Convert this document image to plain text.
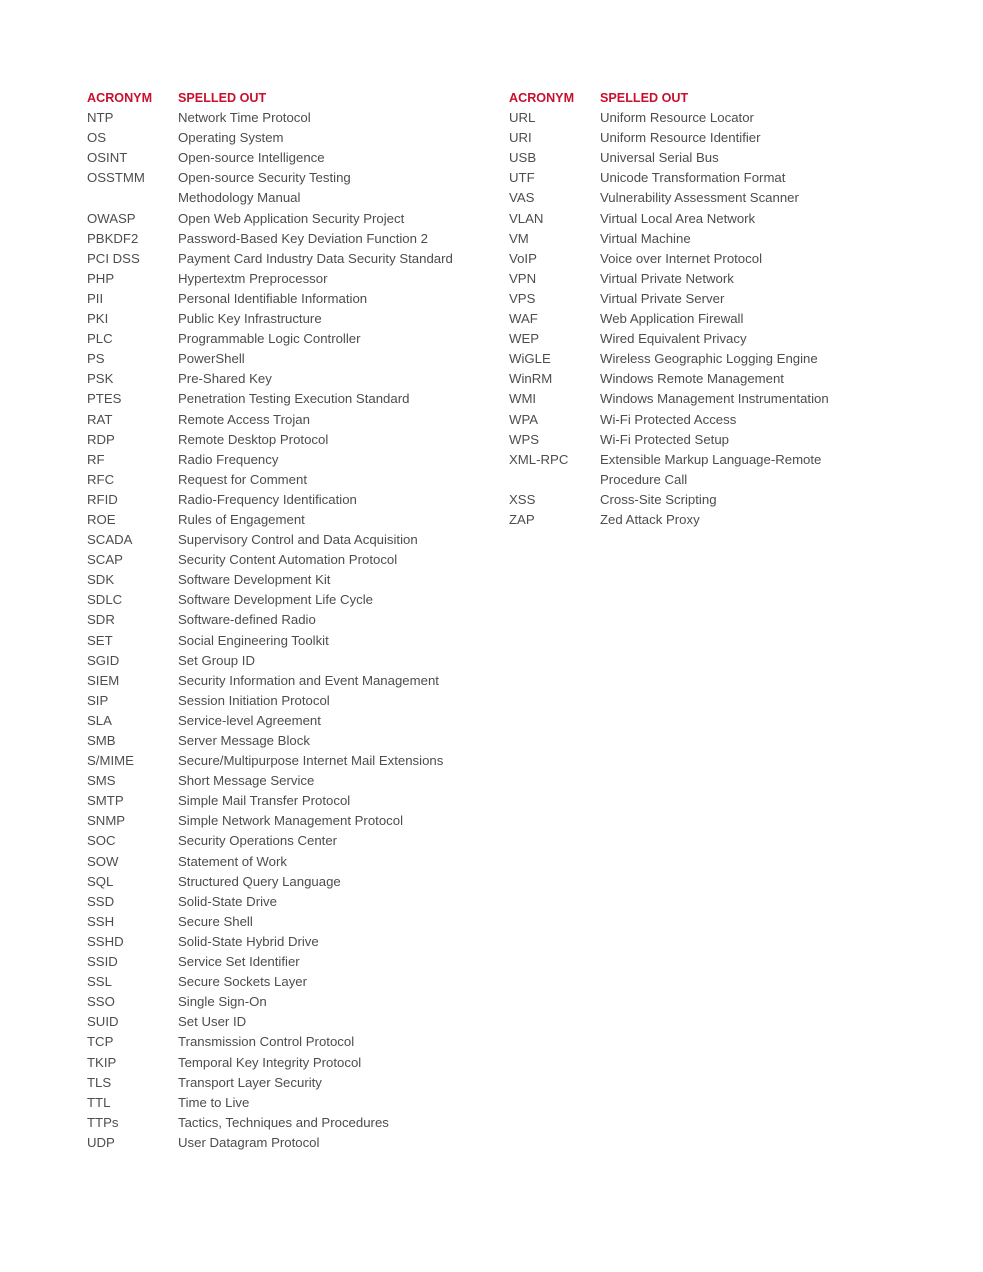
ACRONYM	SPELLED OUT
NTP	Network Time Protocol
OS	Operating System
OSINT	Open-source Intelligence
OSSTMM	Open-source Security Testing
Methodology Manual
OWASP	Open Web Application Security Project
PBKDF2	Password-Based Key Deviation Function 2
PCI DSS	Payment Card Industry Data Security Standard
PHP	Hypertextm Preprocessor
PII	Personal Identifiable Information
PKI	Public Key Infrastructure
PLC	Programmable Logic Controller
PS	PowerShell
PSK	Pre-Shared Key
PTES	Penetration Testing Execution Standard
RAT	Remote Access Trojan
RDP	Remote Desktop Protocol
RF	Radio Frequency
RFC	Request for Comment
RFID	Radio-Frequency Identification
ROE	Rules of Engagement
SCADA	Supervisory Control and Data Acquisition
SCAP	Security Content Automation Protocol
SDK	Software Development Kit
SDLC	Software Development Life Cycle
SDR	Software-defined Radio
SET	Social Engineering Toolkit
SGID	Set Group ID
SIEM	Security Information and Event Management
SIP	Session Initiation Protocol
SLA	Service-level Agreement
SMB	Server Message Block
S/MIME	Secure/Multipurpose Internet Mail Extensions
SMS	Short Message Service
SMTP	Simple Mail Transfer Protocol
SNMP	Simple Network Management Protocol
SOC	Security Operations Center
SOW	Statement of Work
SQL	Structured Query Language
SSD	Solid-State Drive
SSH	Secure Shell
SSHD	Solid-State Hybrid Drive
SSID	Service Set Identifier
SSL	Secure Sockets Layer
SSO	Single Sign-On
SUID	Set User ID
TCP	Transmission Control Protocol
TKIP	Temporal Key Integrity Protocol
TLS	Transport Layer Security
TTL	Time to Live
TTPs	Tactics, Techniques and Procedures
UDP	User Datagram Protocol
ACRONYM	SPELLED OUT
URL	Uniform Resource Locator
URI	Uniform Resource Identifier
USB	Universal Serial Bus
UTF	Unicode Transformation Format
VAS	Vulnerability Assessment Scanner
VLAN	Virtual Local Area Network
VM	Virtual Machine
VoIP	Voice over Internet Protocol
VPN	Virtual Private Network
VPS	Virtual Private Server
WAF	Web Application Firewall
WEP	Wired Equivalent Privacy
WiGLE	Wireless Geographic Logging Engine
WinRM	Windows Remote Management
WMI	Windows Management Instrumentation
WPA	Wi-Fi Protected Access
WPS	Wi-Fi Protected Setup
XML-RPC	Extensible Markup Language-Remote
Procedure Call
XSS	Cross-Site Scripting
ZAP	Zed Attack Proxy
